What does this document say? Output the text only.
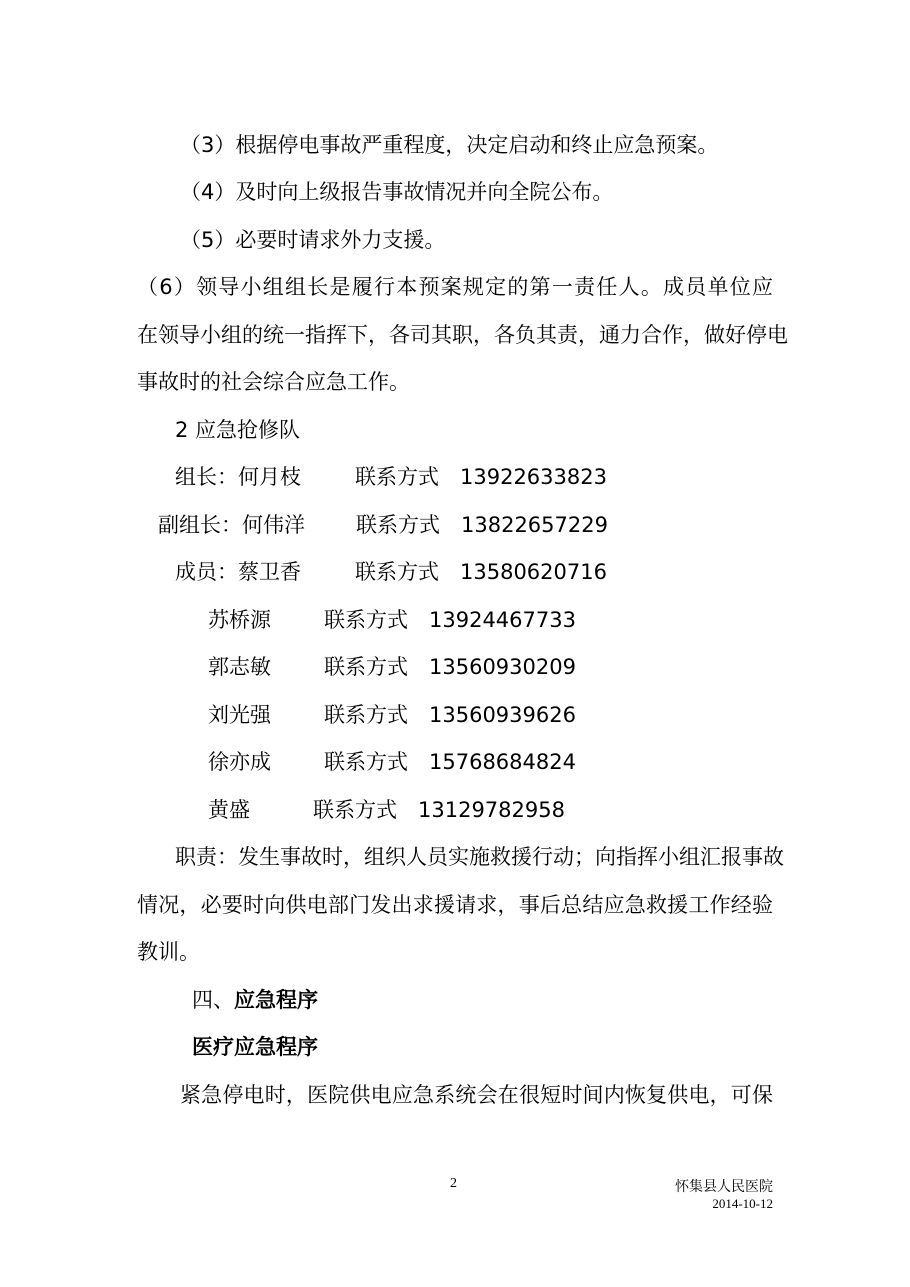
（3）根据停电事故严重程度，决定启动和终止应急预案。
（4）及时向上级报告事故情况并向全院公布。
（5）必要时请求外力支援。
（6）领导小组组长是履行本预案规定的第一责任人。成员单位应
在领导小组的统一指挥下，各司其职，各负其责，通力合作，做好停电
事故时的社会综合应急工作。
2 应急抢修队
组长：何月枝	联系方式 13922633823
副组长：何伟洋 联系方式 13822657229
成员：蔡卫香	联系方式 13580620716
苏桥源	联系方式 13924467733
郭志敏	联系方式 13560930209
刘光强	联系方式 13560939626
徐亦成	联系方式 15768684824
黄盛	联系方式 13129782958
职责：发生事故时，组织人员实施救援行动；向指挥小组汇报事故
情况，必要时向供电部门发出求援请求，事后总结应急救援工作经验
教训。
四、应急程序
医疗应急程序
紧急停电时，医院供电应急系统会在很短时间内恢复供电，可保
2	怀集县人民医院
2014-10-12
